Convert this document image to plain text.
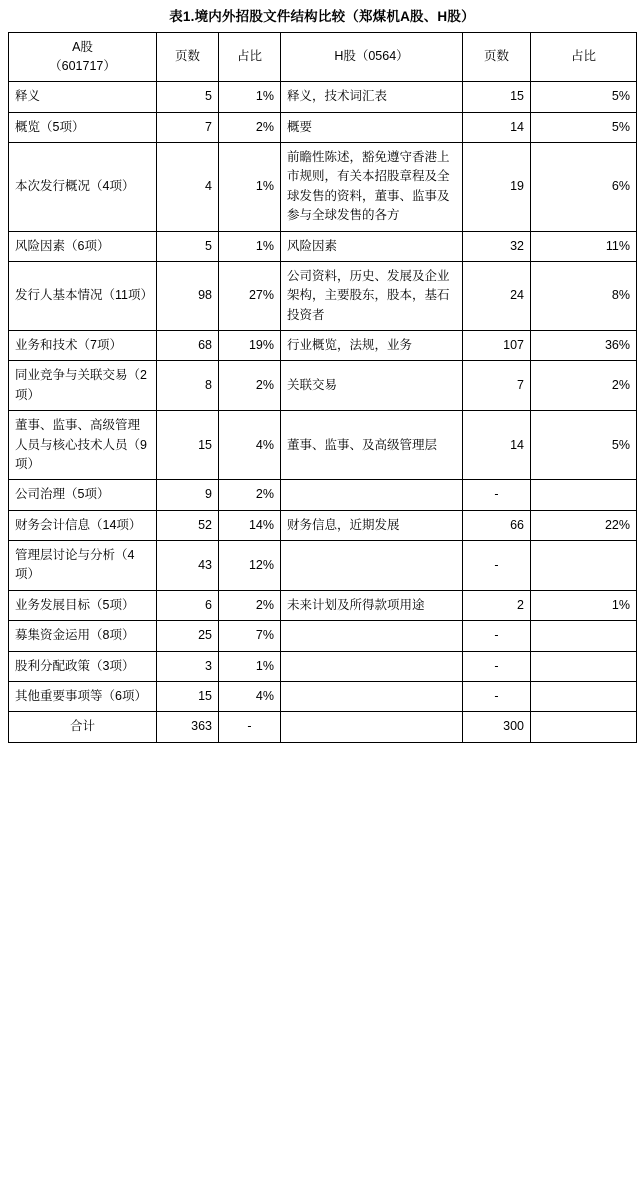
表1.境内外招股文件结构比较（郑煤机A股、H股）
A股
（601717）	页数	占比	H股（0564）	页数	占比
释义	5	1%	释义，技术词汇表	15	5%
概览（5项）	7	2%	概要	14	5%
本次发行概况（4项）	4	1%	前瞻性陈述，豁免遵守香港上市规则，有关本招股章程及全球发售的资料，董事、监事及参与全球发售的各方	19	6%
风险因素（6项）	5	1%	风险因素	32	11%
发行人基本情况（11项）	98	27%	公司资料，历史、发展及企业架构，主要股东，股本，基石投资者	24	8%
业务和技术（7项）	68	19%	行业概览，法规，业务	107	36%
同业竞争与关联交易（2项）	8	2%	关联交易	7	2%
董事、监事、高级管理人员与核心技术人员（9项）	15	4%	董事、监事、及高级管理层	14	5%
公司治理（5项）	9	2%		-	
财务会计信息（14项）	52	14%	财务信息，近期发展	66	22%
管理层讨论与分析（4项）	43	12%		-	
业务发展目标（5项）	6	2%	未来计划及所得款项用途	2	1%
募集资金运用（8项）	25	7%		-	
股利分配政策（3项）	3	1%		-	
其他重要事项等（6项）	15	4%		-	
合计	363	-		300	
